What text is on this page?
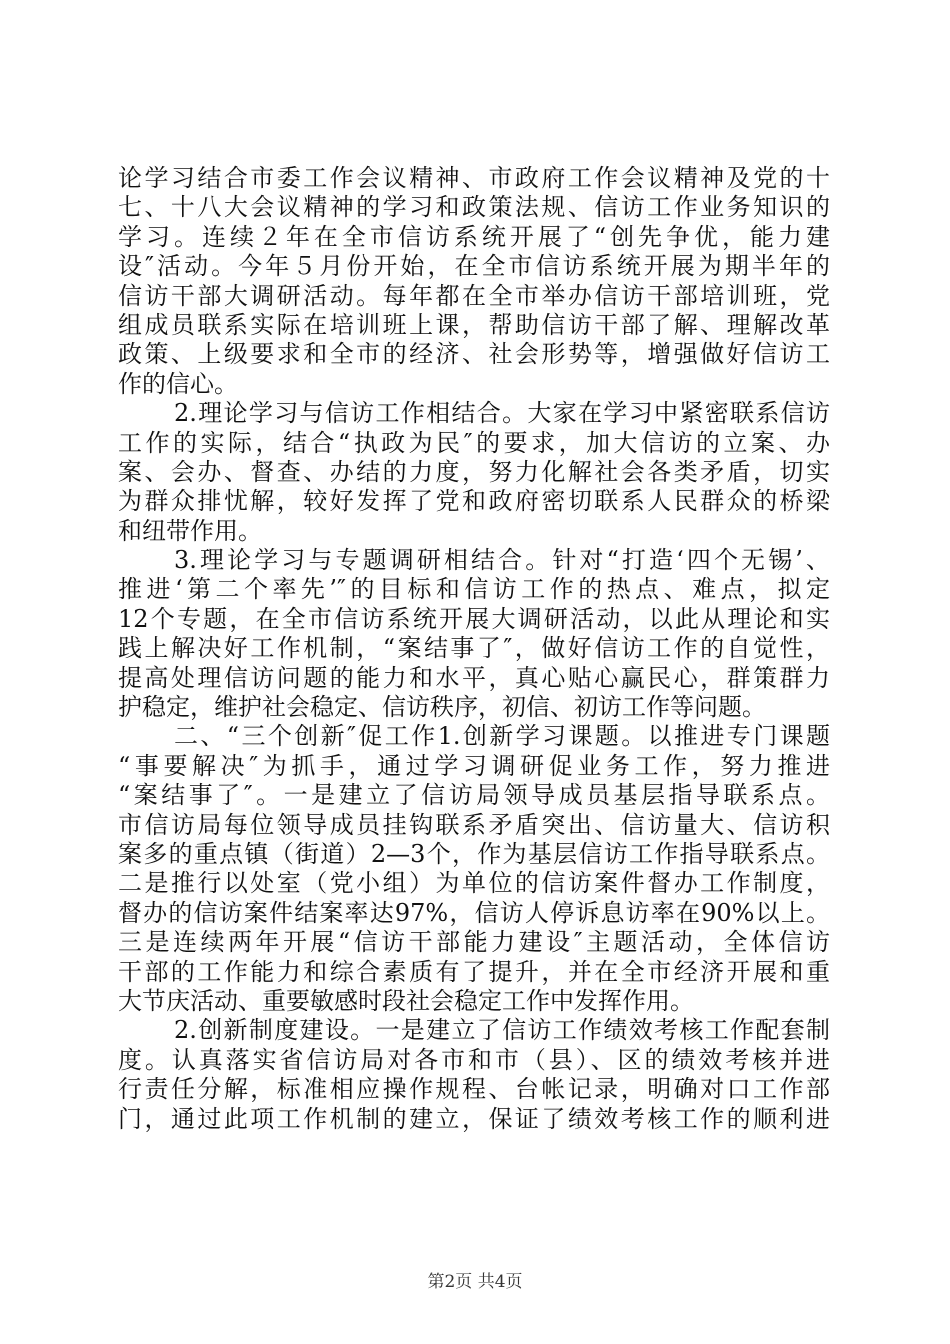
论学习结合市委工作会议精神、市政府工作会议精神及党的十
七、十八大会议精神的学习和政策法规、信访工作业务知识的
学习。连续２年在全市信访系统开展了“创先争优，能力建
设″活动。今年５月份开始，在全市信访系统开展为期半年的
信访干部大调研活动。每年都在全市举办信访干部培训班，党
组成员联系实际在培训班上课，帮助信访干部了解、理解改革
政策、上级要求和全市的经济、社会形势等，增强做好信访工
作的信心。
2.理论学习与信访工作相结合。大家在学习中紧密联系信访
工作的实际，结合“执政为民″的要求，加大信访的立案、办
案、会办、督查、办结的力度，努力化解社会各类矛盾，切实
为群众排忧解，较好发挥了党和政府密切联系人民群众的桥梁
和纽带作用。
3.理论学习与专题调研相结合。针对“打造‘四个无锡’、
推进‘第二个率先’″的目标和信访工作的热点、难点，拟定
12个专题，在全市信访系统开展大调研活动，以此从理论和实
践上解决好工作机制，“案结事了″，做好信访工作的自觉性，
提高处理信访问题的能力和水平，真心贴心赢民心，群策群力
护稳定，维护社会稳定、信访秩序，初信、初访工作等问题。
二、“三个创新″促工作1.创新学习课题。以推进专门课题
“事要解决″为抓手，通过学习调研促业务工作，努力推进
“案结事了″。一是建立了信访局领导成员基层指导联系点。
市信访局每位领导成员挂钩联系矛盾突出、信访量大、信访积
案多的重点镇（街道）2—3个，作为基层信访工作指导联系点。
二是推行以处室（党小组）为单位的信访案件督办工作制度，
督办的信访案件结案率达97%，信访人停诉息访率在90%以上。
三是连续两年开展“信访干部能力建设″主题活动，全体信访
干部的工作能力和综合素质有了提升，并在全市经济开展和重
大节庆活动、重要敏感时段社会稳定工作中发挥作用。
2.创新制度建设。一是建立了信访工作绩效考核工作配套制
度。认真落实省信访局对各市和市（县）、区的绩效考核并进
行责任分解，标准相应操作规程、台帐记录，明确对口工作部
门，通过此项工作机制的建立，保证了绩效考核工作的顺利进
第2页 共4页
